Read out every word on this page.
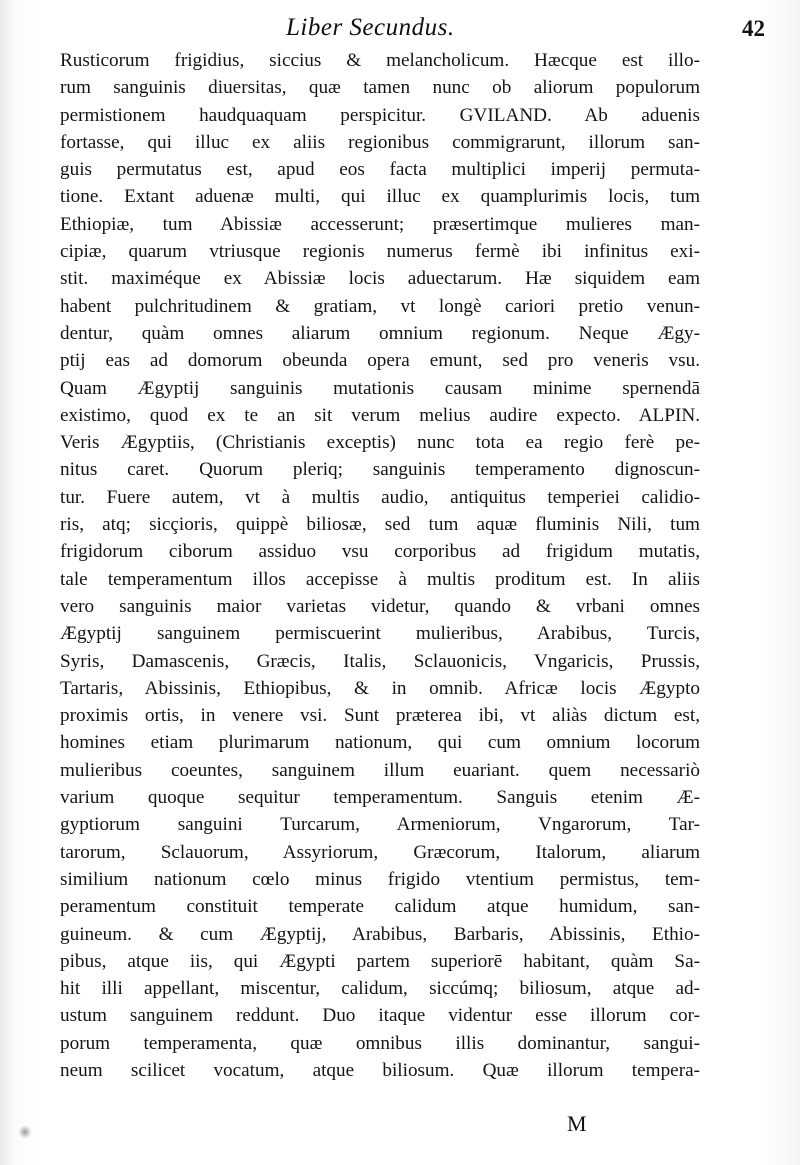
Liber Secundus.	42
Rusticorum frigidius, siccius & melancholicum. Hæcque est illo-
rum sanguinis diuersitas, quæ tamen nunc ob aliorum populorum
permistionem haudquaquam perspicitur. GVILAND. Ab aduenis
fortasse, qui illuc ex aliis regionibus commigrarunt, illorum san-
guis permutatus est, apud eos facta multiplici imperij permuta-
tione. Extant aduenæ multi, qui illuc ex quamplurimis locis, tum
Ethiopiæ, tum Abissiæ accesserunt; præsertimque mulieres man-
cipiæ, quarum vtriusque regionis numerus fermè ibi infinitus exi-
stit. maximéque ex Abissiæ locis aduectarum. Hæ siquidem eam
habent pulchritudinem & gratiam, vt longè cariori pretio venun-
dentur, quàm omnes aliarum omnium regionum. Neque Ægy-
ptij eas ad domorum obeunda opera emunt, sed pro veneris vsu.
Quam Ægyptij sanguinis mutationis causam minime spernendā
existimo, quod ex te an sit verum melius audire expecto. ALPIN.
Veris Ægyptiis, (Christianis exceptis) nunc tota ea regio ferè pe-
nitus caret. Quorum pleriq; sanguinis temperamento dignoscun-
tur. Fuere autem, vt à multis audio, antiquitus temperiei calidio-
ris, atq; sicçioris, quippè biliosæ, sed tum aquæ fluminis Nili, tum
frigidorum ciborum assiduo vsu corporibus ad frigidum mutatis,
tale temperamentum illos accepisse à multis proditum est. In aliis
vero sanguinis maior varietas videtur, quando & vrbani omnes
Ægyptij sanguinem permiscuerint mulieribus, Arabibus, Turcis,
Syris, Damascenis, Græcis, Italis, Sclauonicis, Vngaricis, Prussis,
Tartaris, Abissinis, Ethiopibus, & in omnib. Africæ locis Ægypto
proximis ortis, in venere vsi. Sunt præterea ibi, vt aliàs dictum est,
homines etiam plurimarum nationum, qui cum omnium locorum
mulieribus coeuntes, sanguinem illum euariant. quem necessariò
varium quoque sequitur temperamentum. Sanguis etenim Æ-
gyptiorum sanguini Turcarum, Armeniorum, Vngarorum, Tar-
tarorum, Sclauorum, Assyriorum, Græcorum, Italorum, aliarum
similium nationum cœlo minus frigido vtentium permistus, tem-
peramentum constituit temperate calidum atque humidum, san-
guineum. & cum Ægyptij, Arabibus, Barbaris, Abissinis, Ethio-
pibus, atque iis, qui Ægypti partem superiorē habitant, quàm Sa-
hit illi appellant, miscentur, calidum, siccúmq; biliosum, atque ad-
ustum sanguinem reddunt. Duo itaque videntur esse illorum cor-
porum temperamenta, quæ omnibus illis dominantur, sangui-
neum scilicet vocatum, atque biliosum. Quæ illorum tempera-
M
